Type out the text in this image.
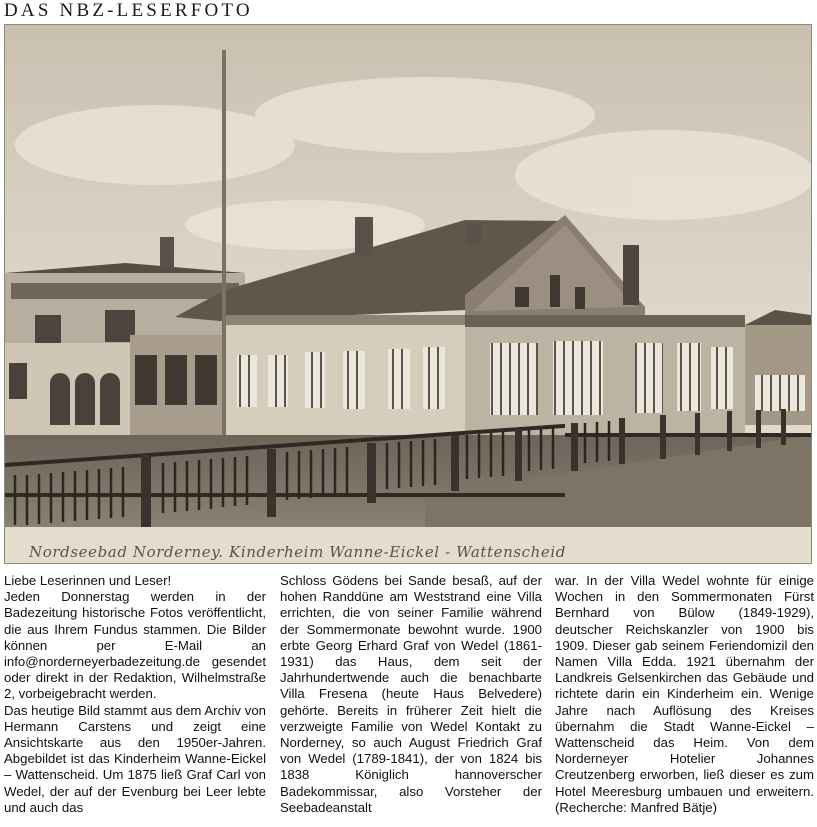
DAS NBZ-LESERFOTO
Nordseebad Norderney. Kinderheim Wanne-Eickel - Wattenscheid

Liebe Leserinnen und Leser!

Jeden Donnerstag werden in der Badezeitung historische Fotos veröffentlicht, die aus Ihrem Fundus stammen. Die Bilder können per E-Mail an info@norderneyerbadezeitung.de gesendet oder direkt in der Redaktion, Wilhelmstraße 2, vorbeigebracht werden.

Das heutige Bild stammt aus dem Archiv von Hermann Carstens und zeigt eine Ansichtskarte aus den 1950er-Jahren. Abgebildet ist das Kinderheim Wanne-Eickel – Wattenscheid. Um 1875 ließ Graf Carl von Wedel, der auf der Evenburg bei Leer lebte und auch das

Schloss Gödens bei Sande besaß, auf der hohen Randdüne am Weststrand eine Villa errichten, die von seiner Familie während der Sommermonate bewohnt wurde. 1900 erbte Georg Erhard Graf von Wedel (1861-1931) das Haus, dem seit der Jahrhundertwende auch die benachbarte Villa Fresena (heute Haus Belvedere) gehörte. Bereits in früherer Zeit hielt die verzweigte Familie von Wedel Kontakt zu Norderney, so auch August Friedrich Graf von Wedel (1789-1841), der von 1824 bis 1838 Königlich hannoverscher Badekommissar, also Vorsteher der Seebadeanstalt

war. In der Villa Wedel wohnte für einige Wochen in den Sommermonaten Fürst Bernhard von Bülow (1849-1929), deutscher Reichskanzler von 1900 bis 1909. Dieser gab seinem Feriendomizil den Namen Villa Edda. 1921 übernahm der Landkreis Gelsenkirchen das Gebäude und richtete darin ein Kinderheim ein. Wenige Jahre nach Auflösung des Kreises übernahm die Stadt Wanne-Eickel – Wattenscheid das Heim. Von dem Norderneyer Hotelier Johannes Creutzenberg erworben, ließ dieser es zum Hotel Meeresburg umbauen und erweitern. (Recherche: Manfred Bätje)
